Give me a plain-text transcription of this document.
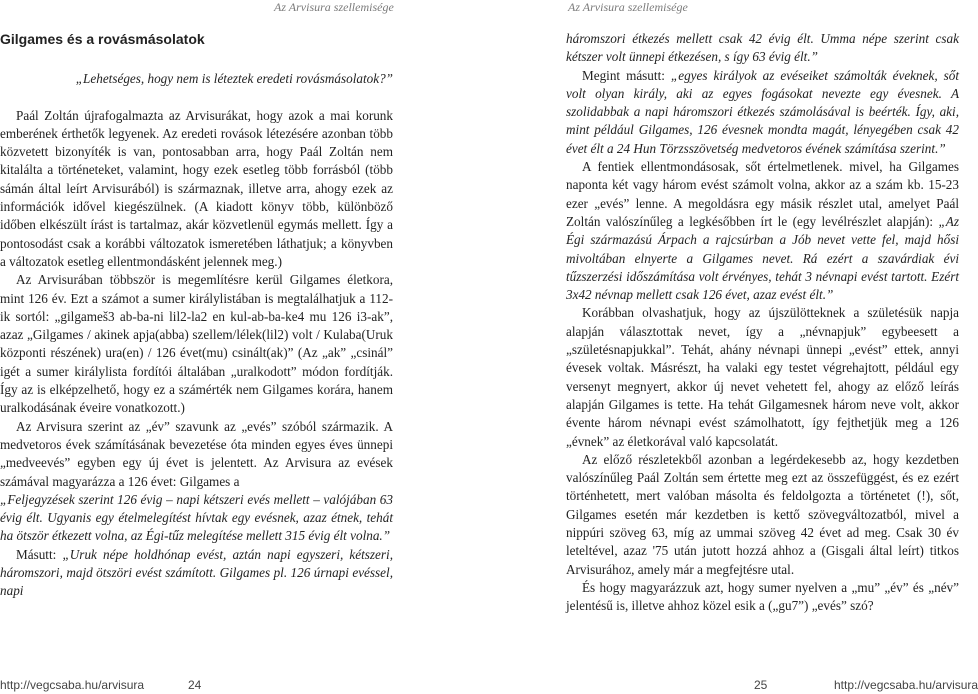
Az Arvisura szellemisége	Az Arvisura szellemisége
Gilgames és a rovásmásolatok

„Lehetséges, hogy nem is léteztek eredeti rovásmásolatok?”

Paál Zoltán újrafogalmazta az Arvisurákat, hogy azok a mai korunk emberének érthetők legyenek. Az eredeti rovások létezésére azonban több közvetett bizonyíték is van, pontosabban arra, hogy Paál Zoltán nem kitalálta a történeteket, valamint, hogy ezek esetleg több forrásból (több sámán által leírt Arvisurából) is származnak, illetve arra, ahogy ezek az információk idővel kiegészülnek. (A kiadott könyv több, különböző időben elkészült írást is tartalmaz, akár közvetlenül egymás mellett. Így a pontosodást csak a korábbi változatok ismeretében láthatjuk; a könyvben a változatok esetleg ellentmondásként jelennek meg.)

Az Arvisurában többször is megemlítésre kerül Gilgames életkora, mint 126 év. Ezt a számot a sumer királylistában is megtalálhatjuk a 112-ik sortól: „gilgameš3 ab-ba-ni lil2-la2 en kul-ab-ba-ke4 mu 126 i3-ak”, azaz „Gilgames / akinek apja(abba) szellem/lélek(lil2) volt / Kulaba(Uruk központi részének) ura(en) / 126 évet(mu) csinált(ak)” (Az „ak” „csinál” igét a sumer királylista fordítói általában „uralkodott” módon fordítják. Így az is elképzelhető, hogy ez a számérték nem Gilgames korára, hanem uralkodásának éveire vonatkozott.)

Az Arvisura szerint az „év” szavunk az „evés” szóból származik. A medvetoros évek számításának bevezetése óta minden egyes éves ünnepi „medveevés” egyben egy új évet is jelentett. Az Arvisura az evések számával magyarázza a 126 évet: Gilgames a

„Feljegyzések szerint 126 évig – napi kétszeri evés mellett – valójában 63 évig élt. Ugyanis egy ételmelegítést hívtak egy evésnek, azaz étnek, tehát ha ötször étkezett volna, az Égi-tűz melegítése mellett 315 évig élt volna.”

Másutt: „Uruk népe holdhónap evést, aztán napi egyszeri, kétszeri, háromszori, majd ötszöri evést számított. Gilgames pl. 126 úrnapi evéssel, napi

háromszori étkezés mellett csak 42 évig élt. Umma népe szerint csak kétszer volt ünnepi étkezésen, s így 63 évig élt.”

Megint másutt: „egyes királyok az evéseiket számolták éveknek, sőt volt olyan király, aki az egyes fogásokat nevezte egy évesnek. A szolidabbak a napi háromszori étkezés számolásával is beérték. Így, aki, mint például Gilgames, 126 évesnek mondta magát, lényegében csak 42 évet élt a 24 Hun Törzsszövetség medvetoros évének számítása szerint.”

A fentiek ellentmondásosak, sőt értelmetlenek. mivel, ha Gilgames naponta két vagy három evést számolt volna, akkor az a szám kb. 15-23 ezer „evés” lenne. A megoldásra egy másik részlet utal, amelyet Paál Zoltán valószínűleg a legkésőbben írt le (egy levélrészlet alapján): „Az Égi származású Árpach a rajcsúrban a Jób nevet vette fel, majd hősi mivoltában elnyerte a Gilgames nevet. Rá ezért a szavárdiak évi tűzszerzési időszámítása volt érvényes, tehát 3 névnapi evést tartott. Ezért 3x42 névnap mellett csak 126 évet, azaz evést élt.”

Korábban olvashatjuk, hogy az újszülötteknek a születésük napja alapján választottak nevet, így a „névnapjuk” egybeesett a „születésnapjukkal”. Tehát, ahány névnapi ünnepi „evést” ettek, annyi évesek voltak. Másrészt, ha valaki egy testet végrehajtott, például egy versenyt megnyert, akkor új nevet vehetett fel, ahogy az előző leírás alapján Gilgames is tette. Ha tehát Gilgamesnek három neve volt, akkor évente három névnapi evést számolhatott, így fejthetjük meg a 126 „évnek” az életkorával való kapcsolatát.

Az előző részletekből azonban a legérdekesebb az, hogy kezdetben valószínűleg Paál Zoltán sem értette meg ezt az összefüggést, és ez ezért történhetett, mert valóban másolta és feldolgozta a történetet (!), sőt, Gilgames esetén már kezdetben is kettő szövegváltozatból, mivel a nippúri szöveg 63, míg az ummai szöveg 42 évet ad meg. Csak 30 év leteltével, azaz '75 után jutott hozzá ahhoz a (Gisgali által leírt) titkos Arvisurához, amely már a megfejtésre utal.

És hogy magyarázzuk azt, hogy sumer nyelven a „mu” „év” és „név” jelentésű is, illetve ahhoz közel esik a („gu7”) „evés” szó?

http://vegcsaba.hu/arvisura	24	25	http://vegcsaba.hu/arvisura
